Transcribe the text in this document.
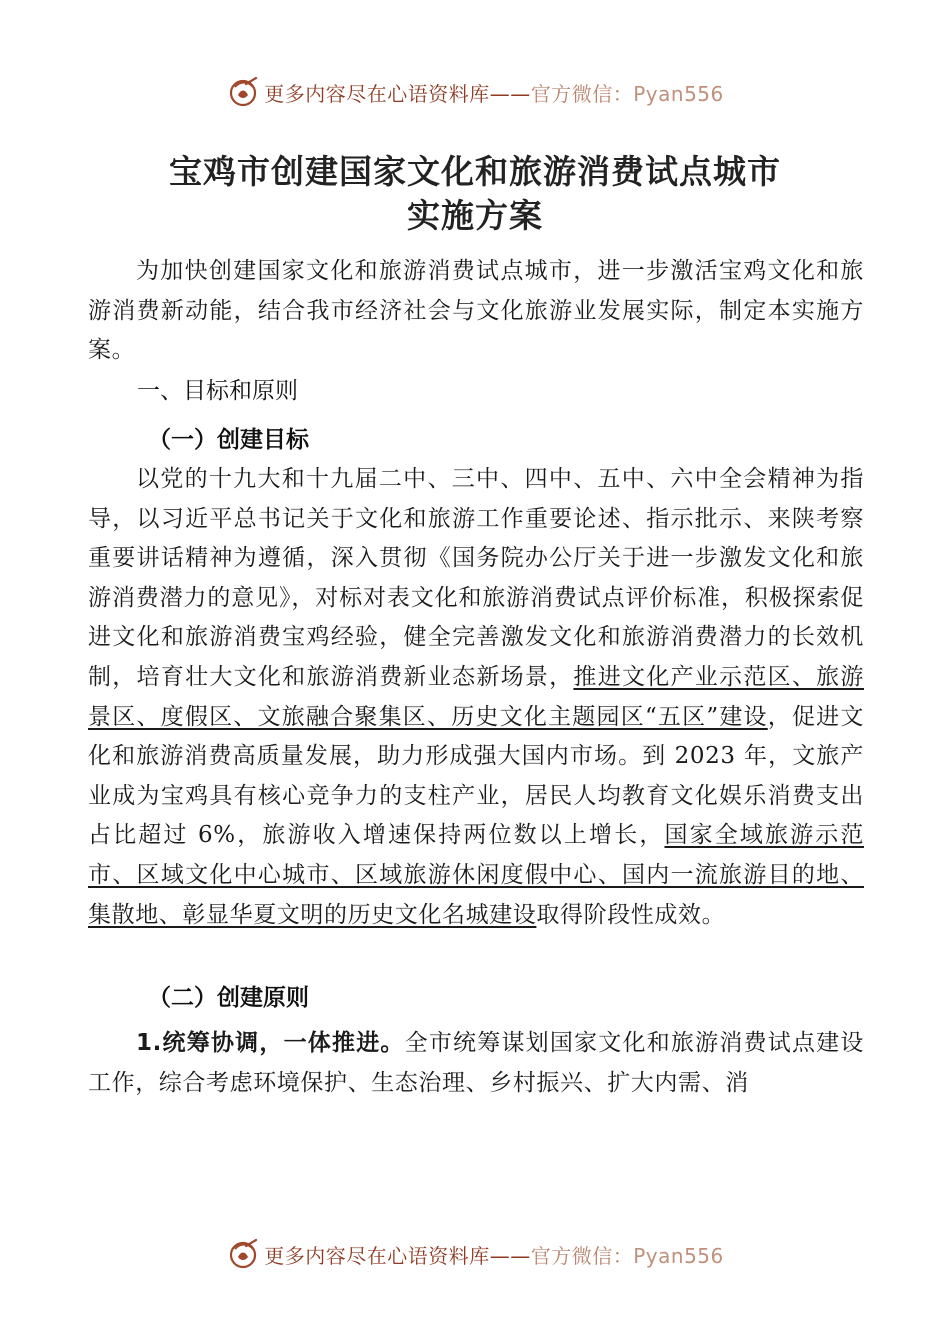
更多内容尽在心语资料库——官方微信：Pyan556
宝鸡市创建国家文化和旅游消费试点城市
实施方案

为加快创建国家文化和旅游消费试点城市，进一步激活宝鸡文化和旅游消费新动能，结合我市经济社会与文化旅游业发展实际，制定本实施方案。

一、目标和原则
（一）创建目标

以党的十九大和十九届二中、三中、四中、五中、六中全会精神为指导，以习近平总书记关于文化和旅游工作重要论述、指示批示、来陕考察重要讲话精神为遵循，深入贯彻《国务院办公厅关于进一步激发文化和旅游消费潜力的意见》，对标对表文化和旅游消费试点评价标准，积极探索促进文化和旅游消费宝鸡经验，健全完善激发文化和旅游消费潜力的长效机制，培育壮大文化和旅游消费新业态新场景，推进文化产业示范区、旅游景区、度假区、文旅融合聚集区、历史文化主题园区“五区”建设，促进文化和旅游消费高质量发展，助力形成强大国内市场。到 2023 年，文旅产业成为宝鸡具有核心竞争力的支柱产业，居民人均教育文化娱乐消费支出占比超过 6%，旅游收入增速保持两位数以上增长，国家全域旅游示范市、区域文化中心城市、区域旅游休闲度假中心、国内一流旅游目的地、集散地、彰显华夏文明的历史文化名城建设取得阶段性成效。

（二）创建原则

1.统筹协调，一体推进。全市统筹谋划国家文化和旅游消费试点建设工作，综合考虑环境保护、生态治理、乡村振兴、扩大内需、消

更多内容尽在心语资料库——官方微信：Pyan556
